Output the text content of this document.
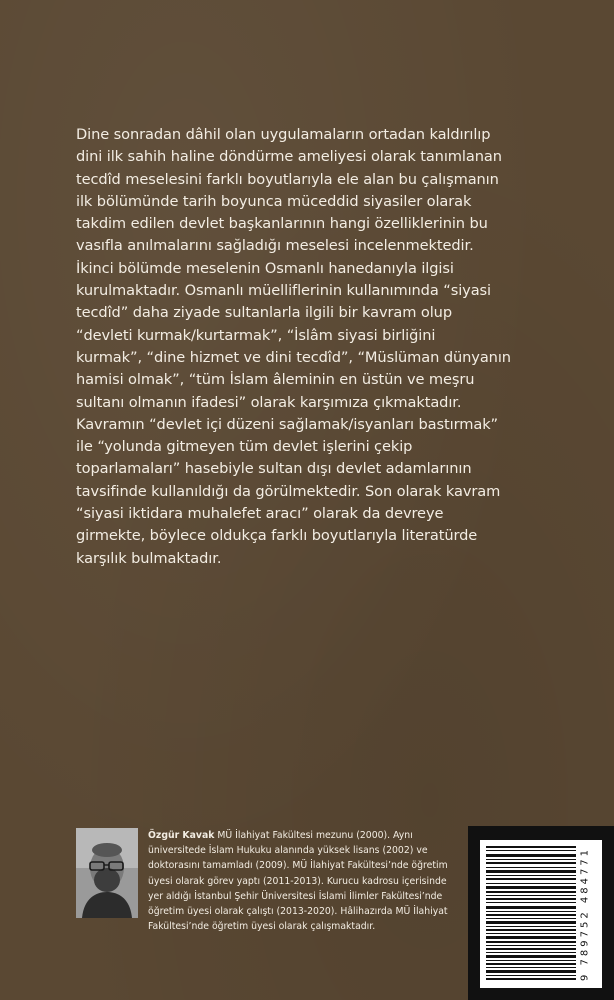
Dine sonradan dâhil olan uygulamaların ortadan kaldırılıp
dini ilk sahih haline döndürme ameliyesi olarak tanımlanan
tecdîd meselesini farklı boyutlarıyla ele alan bu çalışmanın
ilk bölümünde tarih boyunca müceddid siyasiler olarak
takdim edilen devlet başkanlarının hangi özelliklerinin bu
vasıfla anılmalarını sağladığı meselesi incelenmektedir.
İkinci bölümde meselenin Osmanlı hanedanıyla ilgisi
kurulmaktadır. Osmanlı müelliflerinin kullanımında “siyasi
tecdîd” daha ziyade sultanlarla ilgili bir kavram olup
“devleti kurmak/kurtarmak”, “İslâm siyasi birliğini
kurmak”, “dine hizmet ve dini tecdîd”, “Müslüman dünyanın
hamisi olmak”, “tüm İslam âleminin en üstün ve meşru
sultanı olmanın ifadesi” olarak karşımıza çıkmaktadır.
Kavramın “devlet içi düzeni sağlamak/isyanları bastırmak”
ile “yolunda gitmeyen tüm devlet işlerini çekip
toparlamaları” hasebiyle sultan dışı devlet adamlarının
tavsifinde kullanıldığı da görülmektedir. Son olarak kavram
“siyasi iktidara muhalefet aracı” olarak da devreye
girmekte, böylece oldukça farklı boyutlarıyla literatürde
karşılık bulmaktadır.

Özgür Kavak MÜ İlahiyat Fakültesi mezunu (2000). Aynı
üniversitede İslam Hukuku alanında yüksek lisans (2002) ve
doktorasını tamamladı (2009). MÜ İlahiyat Fakültesi’nde öğretim
üyesi olarak görev yaptı (2011-2013). Kurucu kadrosu içerisinde
yer aldığı İstanbul Şehir Üniversitesi İslami İlimler Fakültesi’nde
öğretim üyesi olarak çalıştı (2013-2020). Hâlihazırda MÜ İlahiyat
Fakültesi’nde öğretim üyesi olarak çalışmaktadır.	9 789752 484771
